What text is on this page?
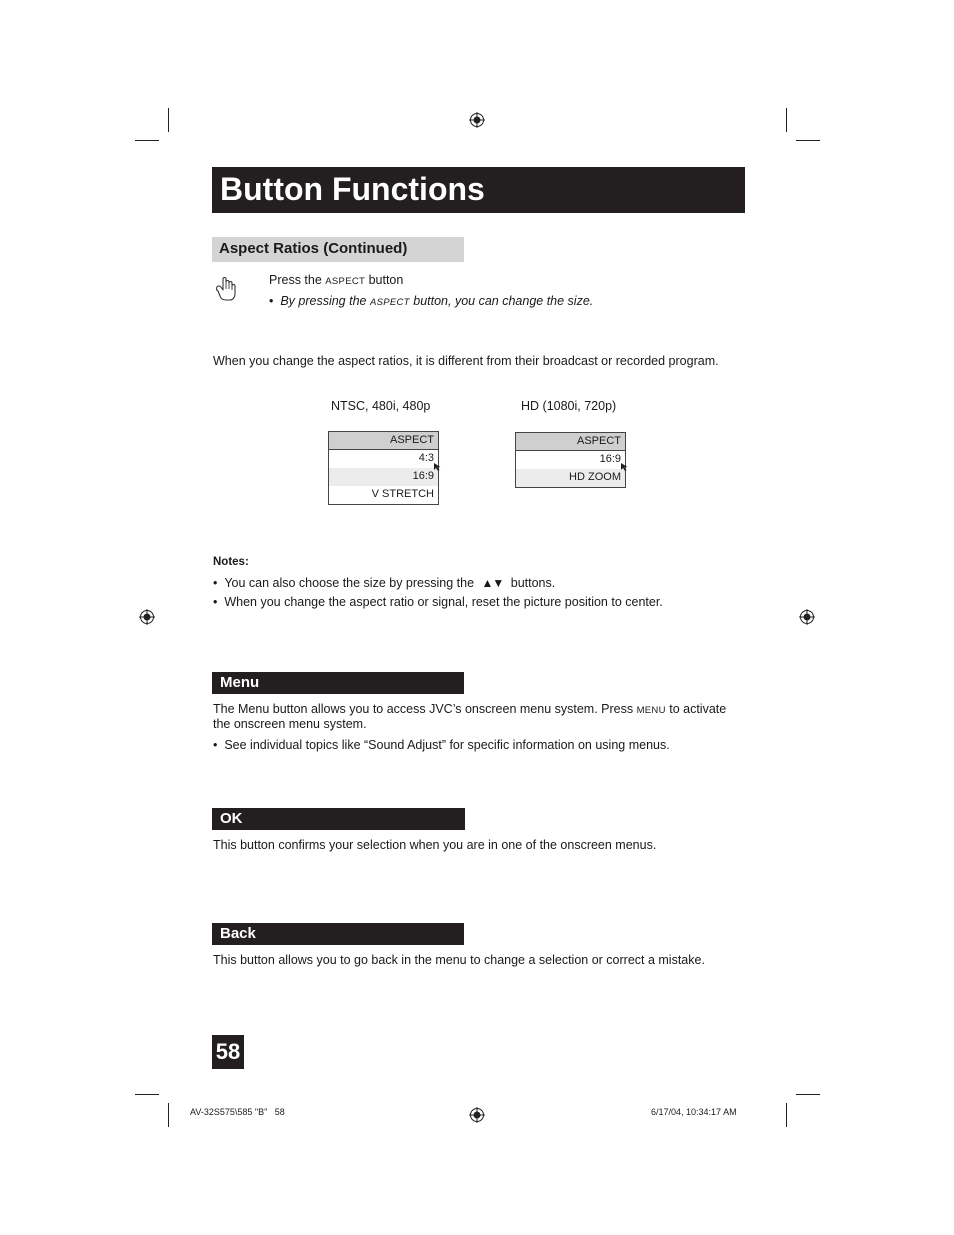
Button Functions
Aspect Ratios (Continued)
Press the ASPECT button
•  By pressing the ASPECT button, you can change the size.
When you change the aspect ratios, it is different from their broadcast or recorded program.
NTSC, 480i, 480p	HD (1080i, 720p)
ASPECT
4:3
16:9
V STRETCH
ASPECT
16:9
HD ZOOM
Notes:
•  You can also choose the size by pressing the ▲▼ buttons.
•  When you change the aspect ratio or signal, reset the picture position to center.
Menu
The Menu button allows you to access JVC’s onscreen menu system. Press MENU to activate
the onscreen menu system.
•  See individual topics like “Sound Adjust” for specific information on using menus.
OK
This button confirms your selection when you are in one of the onscreen menus.
Back
This button allows you to go back in the menu to change a selection or correct a mistake.
58
AV-32S575\585 "B"   58	6/17/04, 10:34:17 AM
